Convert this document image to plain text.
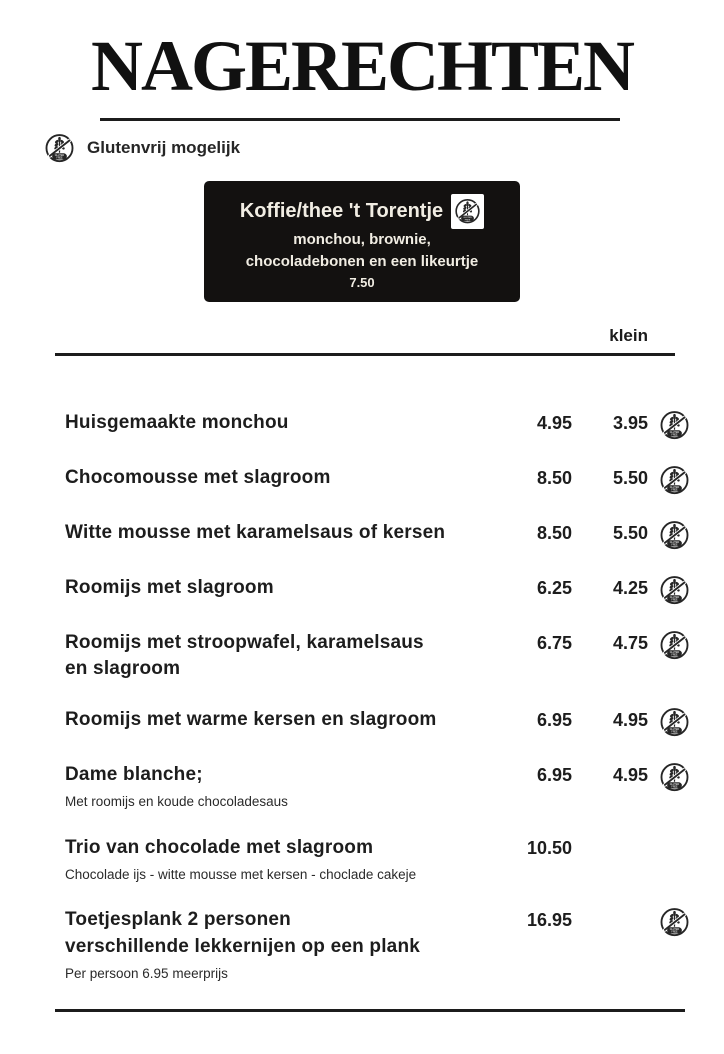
NAGERECHTEN
Glutenvrij mogelijk
Koffie/thee 't Torentje
monchou, brownie,
chocoladebonen en een likeurtje
7.50
klein
Huisgemaakte monchou	4.95	3.95
Chocomousse met slagroom	8.50	5.50
Witte mousse met karamelsaus of kersen	8.50	5.50
Roomijs met slagroom	6.25	4.25
Roomijs met stroopwafel, karamelsaus
en slagroom
6.75	4.75
Roomijs met warme kersen en slagroom	6.95	4.95
Dame blanche;
Met roomijs en koude chocoladesaus
6.95	4.95
Trio van chocolade met slagroom
Chocolade ijs - witte mousse met kersen - choclade cakeje
10.50
Toetjesplank 2 personen
verschillende lekkernijen op een plank
Per persoon 6.95 meerprijs
16.95
